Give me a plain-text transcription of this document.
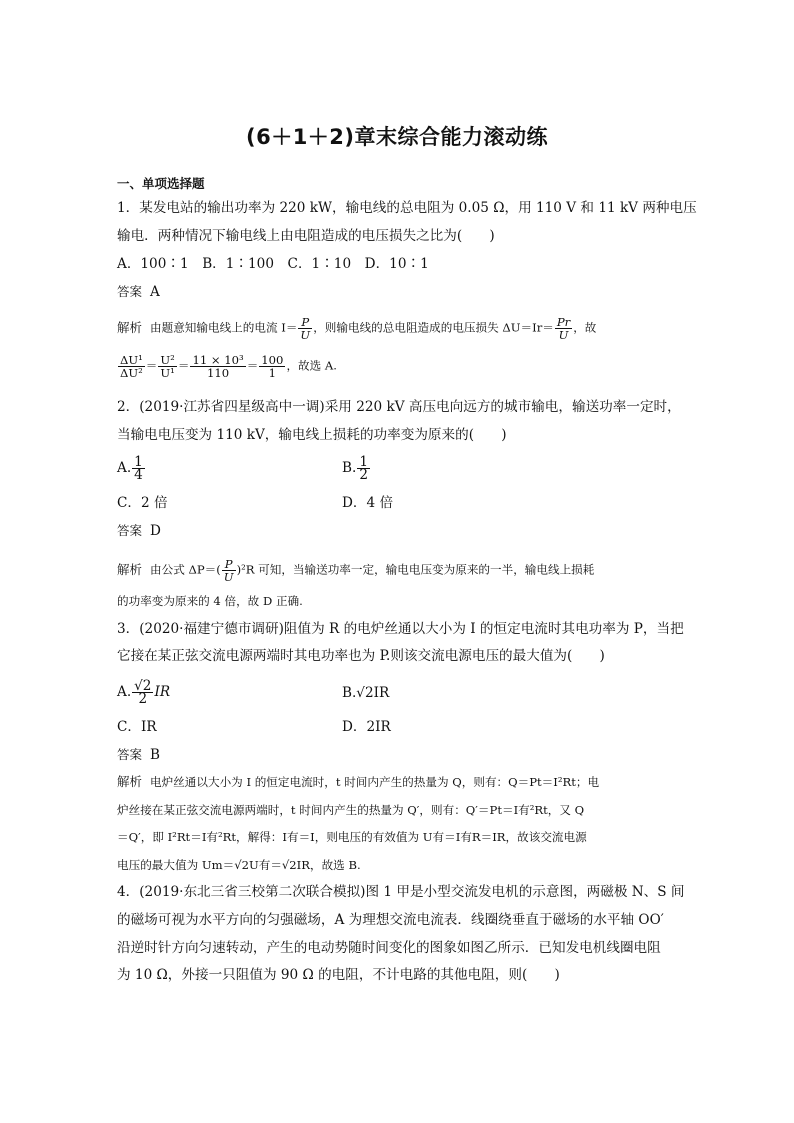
(6＋1＋2)章末综合能力滚动练
一、单项选择题
1．某发电站的输出功率为 220 kW，输电线的总电阻为 0.05 Ω，用 110 V 和 11 kV 两种电压
输电．两种情况下输电线上由电阻造成的电压损失之比为(　　)
A．100∶1　B．1∶100　C．1∶10　D．10∶1
答案 A
解析 由题意知输电线上的电流 $I= \frac{P}{U}$ ，则输电线的总电阻造成的电压损失 $\Delta U=Ir= \frac{Pr}{U}$ ，故
$\frac{\text{ΔU¹}}{\text{ΔU²}} = \frac{\text{U²}}{\text{U¹}} = \frac{\text{11 × 10³}}{110} = \frac{100}{1}$ ，故选 A.
2．(2019·江苏省四星级高中一调)采用 220 kV 高压电向远方的城市输电，输送功率一定时，
当输电电压变为 110 kV，输电线上损耗的功率变为原来的(　　)
A. $\frac{1}{4}$	B. $\frac{1}{2}$
C．2 倍	D．4 倍
答案 D
解析 由公式 $\Delta P=( \frac{P}{U} )^2R$ 可知，当输送功率一定，输电电压变为原来的一半，输电线上损耗
的功率变为原来的 4 倍，故 D 正确.
3．(2020·福建宁德市调研)阻值为 R 的电炉丝通以大小为 I 的恒定电流时其电功率为 P，当把
它接在某正弦交流电源两端时其电功率也为 P.则该交流电源电压的最大值为(　　)
A. $\frac{√2}{2}$ IR	B.√2IR
C．IR	D．2IR
答案 B
解析 电炉丝通以大小为 I 的恒定电流时，t 时间内产生的热量为 Q，则有：Q＝Pt＝I²Rt；电
炉丝接在某正弦交流电源两端时，t 时间内产生的热量为 Q′，则有：Q′＝Pt＝I有²Rt，又 Q
＝Q′，即 I²Rt＝I有²Rt，解得：I有＝I，则电压的有效值为 U有＝I有R＝IR，故该交流电源
电压的最大值为 Um＝√2U有＝√2IR，故选 B.
4．(2019·东北三省三校第二次联合模拟)图 1 甲是小型交流发电机的示意图，两磁极 N、S 间
的磁场可视为水平方向的匀强磁场，A 为理想交流电流表．线圈绕垂直于磁场的水平轴 OO′
沿逆时针方向匀速转动，产生的电动势随时间变化的图象如图乙所示．已知发电机线圈电阻
为 10 Ω，外接一只阻值为 90 Ω 的电阻，不计电路的其他电阻，则(　　)
